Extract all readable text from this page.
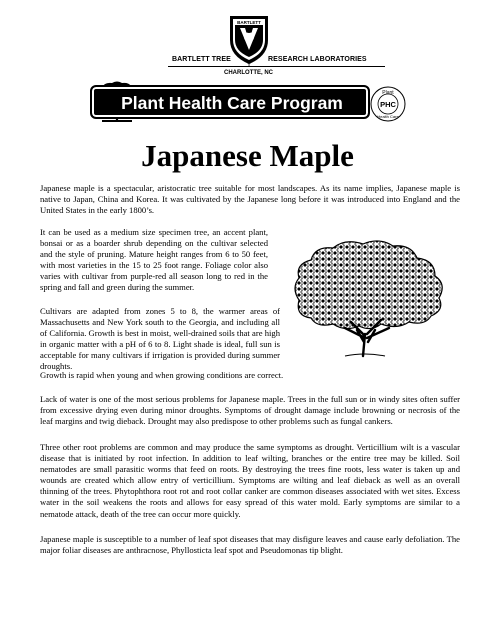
BARTLETT TREE	RESEARCH LABORATORIES
CHARLOTTE, NC
BARTLETT
T
Plant Health Care Program	Plant
PHC
Health Care
Japanese Maple
Japanese maple is a spectacular, aristocratic tree suitable for most landscapes. As its name implies, Japanese maple is native to Japan, China and Korea. It was cultivated by the Japanese long before it was introduced into England and the United States in the early 1800’s.
It can be used as a medium size specimen tree, an accent plant, bonsai or as a boarder shrub depending on the cultivar selected and the style of pruning. Mature height ranges from 6 to 50 feet, with most varieties in the 15 to 25 foot range. Foliage color also varies with cultivar from purple-red all season long to red in the spring and fall and green during the summer.
Cultivars are adapted from zones 5 to 8, the warmer areas of Massachusetts and New York south to the Georgia, and including all of California. Growth is best in moist, well-drained soils that are high in organic matter with a pH of 6 to 8. Light shade is ideal, full sun is acceptable for many cultivars if irrigation is provided during summer droughts.
Growth is rapid when young and when growing conditions are correct.
Lack of water is one of the most serious problems for Japanese maple. Trees in the full sun or in windy sites often suffer from excessive drying even during minor droughts. Symptoms of drought damage include browning or necrosis of the leaf margins and twig dieback. Drought may also predispose to other problems such as fungal cankers.
Three other root problems are common and may produce the same symptoms as drought. Verticillium wilt is a vascular disease that is initiated by root infection. In addition to leaf wilting, branches or the entire tree may be killed. Soil nematodes are small parasitic worms that feed on roots. By destroying the trees fine roots, less water is taken up and wounds are created which allow entry of verticillium. Symptoms are wilting and leaf dieback as well as an overall thinning of the trees. Phytophthora root rot and root collar canker are common diseases associated with wet sites. Excess water in the soil weakens the roots and allows for easy spread of this water mold. Early symptoms are similar to a nematode attack, death of the tree can occur more quickly.
Japanese maple is susceptible to a number of leaf spot diseases that may disfigure leaves and cause early defoliation. The major foliar diseases are anthracnose, Phyllosticta leaf spot and Pseudomonas tip blight.
